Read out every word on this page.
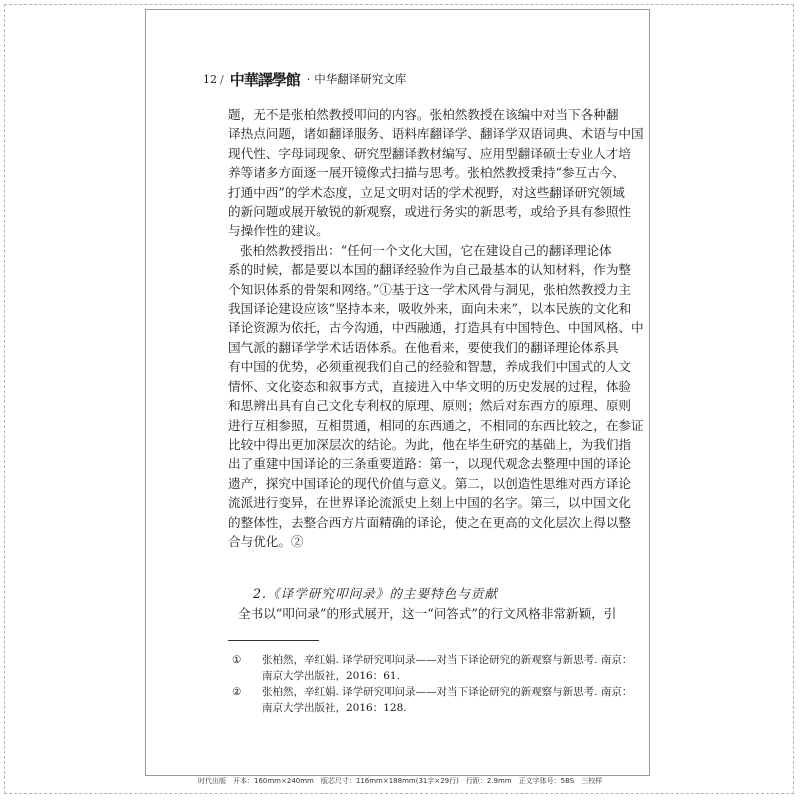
12 / 中華譯學館 · 中华翻译研究文库

题，无不是张柏然教授叩问的内容。张柏然教授在该编中对当下各种翻
译热点问题，诸如翻译服务、语料库翻译学、翻译学双语词典、术语与中国
现代性、字母词现象、研究型翻译教材编写、应用型翻译硕士专业人才培
养等诸多方面逐一展开镜像式扫描与思考。张柏然教授秉持“参互古今、
打通中西”的学术态度，立足文明对话的学术视野，对这些翻译研究领域
的新问题或展开敏锐的新观察，或进行务实的新思考，或给予具有参照性
与操作性的建议。

张柏然教授指出：“任何一个文化大国，它在建设自己的翻译理论体
系的时候，都是要以本国的翻译经验作为自己最基本的认知材料，作为整
个知识体系的骨架和网络。”①基于这一学术风骨与洞见，张柏然教授力主
我国译论建设应该“坚持本来，吸收外来，面向未来”，以本民族的文化和
译论资源为依托，古今沟通，中西融通，打造具有中国特色、中国风格、中
国气派的翻译学学术话语体系。在他看来，要使我们的翻译理论体系具
有中国的优势，必须重视我们自己的经验和智慧，养成我们中国式的人文
情怀、文化姿态和叙事方式，直接进入中华文明的历史发展的过程，体验
和思辨出具有自己文化专利权的原理、原则；然后对东西方的原理、原则
进行互相参照，互相贯通，相同的东西通之，不相同的东西比较之，在参证
比较中得出更加深层次的结论。为此，他在毕生研究的基础上，为我们指
出了重建中国译论的三条重要道路：第一，以现代观念去整理中国的译论
遗产，探究中国译论的现代价值与意义。第二，以创造性思维对西方译论
流派进行变异，在世界译论流派史上刻上中国的名字。第三，以中国文化
的整体性，去整合西方片面精确的译论，使之在更高的文化层次上得以整
合与优化。②

2.《译学研究叩问录》的主要特色与贡献
全书以“叩问录”的形式展开，这一“问答式”的行文风格非常新颖，引
①	张柏然，辛红娟. 译学研究叩问录——对当下译论研究的新观察与新思考. 南京：
南京大学出版社，2016：61.
②	张柏然，辛红娟. 译学研究叩问录——对当下译论研究的新观察与新思考. 南京：
南京大学出版社，2016：128.
时代出版　开本：160mm×240mm　版芯尺寸：116mm×188mm(31字×29行)　行距：2.9mm　正文字体号：5BS　三校样
